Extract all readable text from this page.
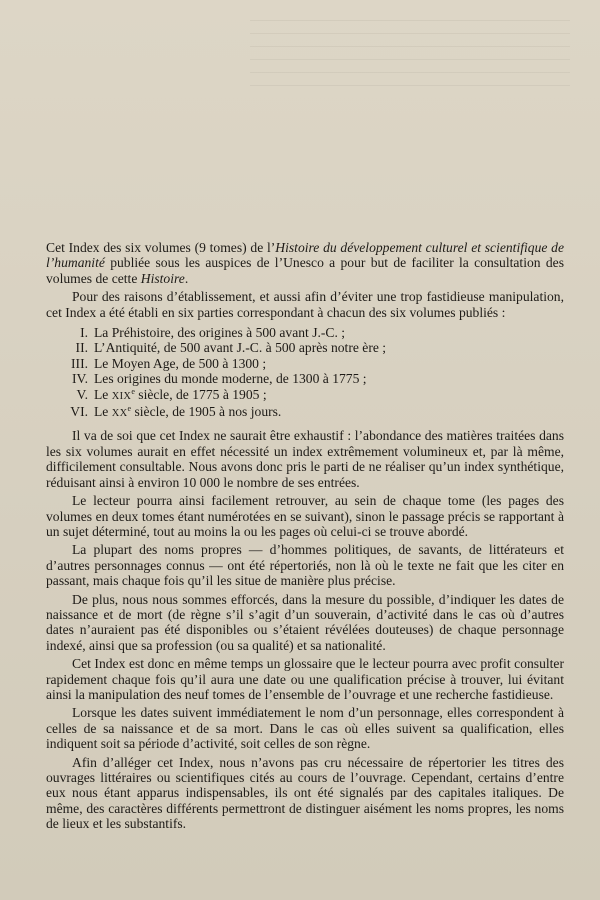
Cet Index des six volumes (9 tomes) de l’Histoire du développement culturel et scientifique de l’humanité publiée sous les auspices de l’Unesco a pour but de faciliter la consultation des volumes de cette Histoire.

Pour des raisons d’établissement, et aussi afin d’éviter une trop fastidieuse manipulation, cet Index a été établi en six parties correspondant à chacun des six volumes publiés :

I. La Préhistoire, des origines à 500 avant J.-C. ;
II. L’Antiquité, de 500 avant J.-C. à 500 après notre ère ;
III. Le Moyen Age, de 500 à 1300 ;
IV. Les origines du monde moderne, de 1300 à 1775 ;
V. Le XIXe siècle, de 1775 à 1905 ;
VI. Le XXe siècle, de 1905 à nos jours.

Il va de soi que cet Index ne saurait être exhaustif : l’abondance des matières traitées dans les six volumes aurait en effet nécessité un index extrêmement volumineux et, par là même, difficilement consultable. Nous avons donc pris le parti de ne réaliser qu’un index synthétique, réduisant ainsi à environ 10 000 le nombre de ses entrées.

Le lecteur pourra ainsi facilement retrouver, au sein de chaque tome (les pages des volumes en deux tomes étant numérotées en se suivant), sinon le passage précis se rapportant à un sujet déterminé, tout au moins la ou les pages où celui-ci se trouve abordé.

La plupart des noms propres — d’hommes politiques, de savants, de littérateurs et d’autres personnages connus — ont été répertoriés, non là où le texte ne fait que les citer en passant, mais chaque fois qu’il les situe de manière plus précise.

De plus, nous nous sommes efforcés, dans la mesure du possible, d’indiquer les dates de naissance et de mort (de règne s’il s’agit d’un souverain, d’activité dans le cas où d’autres dates n’auraient pas été disponibles ou s’étaient révélées douteuses) de chaque personnage indexé, ainsi que sa profession (ou sa qualité) et sa nationalité.

Cet Index est donc en même temps un glossaire que le lecteur pourra avec profit consulter rapidement chaque fois qu’il aura une date ou une qualification précise à trouver, lui évitant ainsi la manipulation des neuf tomes de l’ensemble de l’ouvrage et une recherche fastidieuse.

Lorsque les dates suivent immédiatement le nom d’un personnage, elles correspondent à celles de sa naissance et de sa mort. Dans le cas où elles suivent sa qualification, elles indiquent soit sa période d’activité, soit celles de son règne.

Afin d’alléger cet Index, nous n’avons pas cru nécessaire de répertorier les titres des ouvrages littéraires ou scientifiques cités au cours de l’ouvrage. Cependant, certains d’entre eux nous étant apparus indispensables, ils ont été signalés par des capitales italiques. De même, des caractères différents permettront de distinguer aisément les noms propres, les noms de lieux et les substantifs.
